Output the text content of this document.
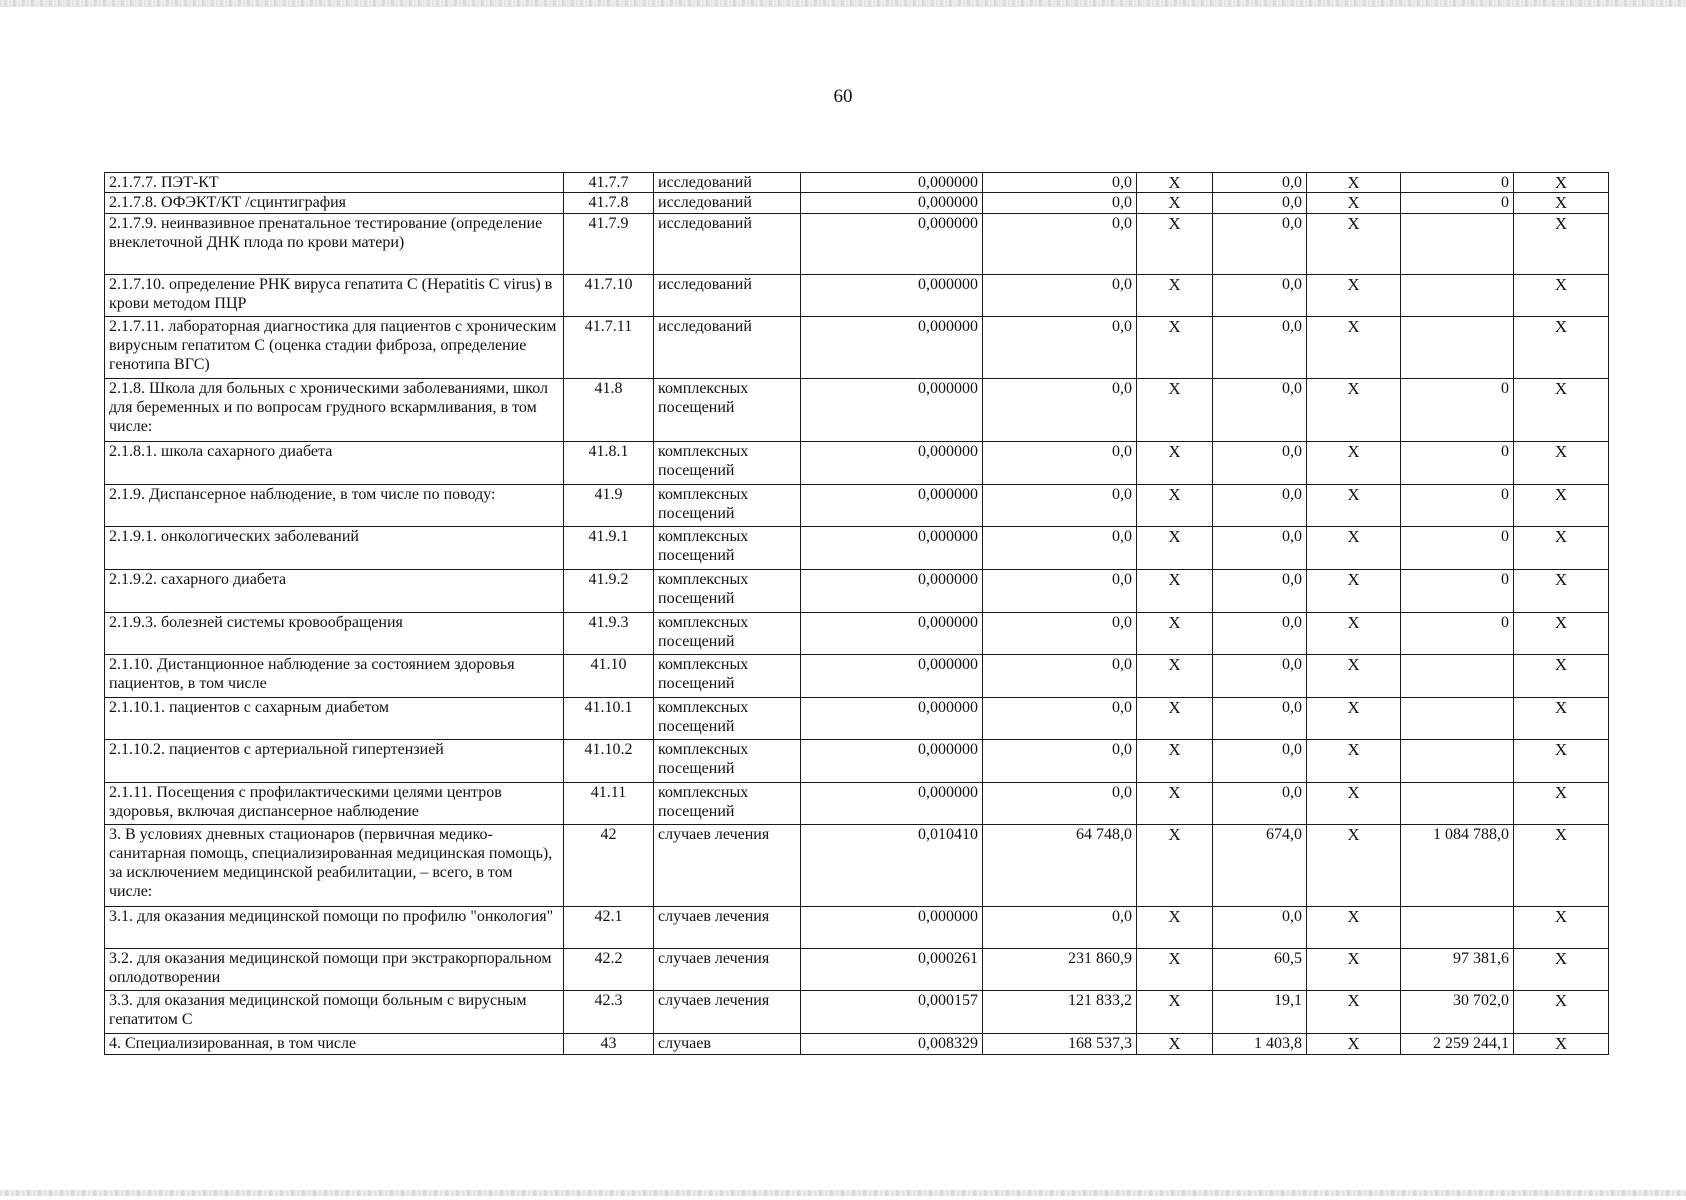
60
2.1.7.7. ПЭТ-КТ	41.7.7	исследований	0,000000	0,0	X	0,0	X	0	X
2.1.7.8. ОФЭКТ/КТ /сцинтиграфия	41.7.8	исследований	0,000000	0,0	X	0,0	X	0	X
2.1.7.9. неинвазивное пренатальное тестирование (определение внеклеточной ДНК плода по крови матери)	41.7.9	исследований	0,000000	0,0	X	0,0	X		X
2.1.7.10. определение РНК вируса гепатита С (Hepatitis C virus) в крови методом ПЦР	41.7.10	исследований	0,000000	0,0	X	0,0	X		X
2.1.7.11. лабораторная диагностика для пациентов с хроническим вирусным гепатитом С (оценка стадии фиброза, определение генотипа ВГС)	41.7.11	исследований	0,000000	0,0	X	0,0	X		X
2.1.8. Школа для больных с хроническими заболеваниями, школ для беременных и по вопросам грудного вскармливания, в том числе:	41.8	комплексных посещений	0,000000	0,0	X	0,0	X	0	X
2.1.8.1. школа сахарного диабета	41.8.1	комплексных посещений	0,000000	0,0	X	0,0	X	0	X
2.1.9. Диспансерное наблюдение, в том числе по поводу:	41.9	комплексных посещений	0,000000	0,0	X	0,0	X	0	X
2.1.9.1. онкологических заболеваний	41.9.1	комплексных посещений	0,000000	0,0	X	0,0	X	0	X
2.1.9.2. сахарного диабета	41.9.2	комплексных посещений	0,000000	0,0	X	0,0	X	0	X
2.1.9.3. болезней системы кровообращения	41.9.3	комплексных посещений	0,000000	0,0	X	0,0	X	0	X
2.1.10. Дистанционное наблюдение за состоянием здоровья пациентов, в том числе	41.10	комплексных посещений	0,000000	0,0	X	0,0	X		X
2.1.10.1. пациентов с сахарным диабетом	41.10.1	комплексных посещений	0,000000	0,0	X	0,0	X		X
2.1.10.2. пациентов с артериальной гипертензией	41.10.2	комплексных посещений	0,000000	0,0	X	0,0	X		X
2.1.11. Посещения с профилактическими целями центров здоровья, включая диспансерное наблюдение	41.11	комплексных посещений	0,000000	0,0	X	0,0	X		X
3. В условиях дневных стационаров (первичная медико-санитарная помощь, специализированная медицинская помощь), за исключением медицинской реабилитации, – всего, в том числе:	42	случаев лечения	0,010410	64 748,0	X	674,0	X	1 084 788,0	X
3.1. для оказания медицинской помощи по профилю "онкология"	42.1	случаев лечения	0,000000	0,0	X	0,0	X		X
3.2. для оказания медицинской помощи при экстракорпоральном оплодотворении	42.2	случаев лечения	0,000261	231 860,9	X	60,5	X	97 381,6	X
3.3. для оказания медицинской помощи больным с вирусным гепатитом С	42.3	случаев лечения	0,000157	121 833,2	X	19,1	X	30 702,0	X
4. Специализированная, в том числе	43	случаев	0,008329	168 537,3	X	1 403,8	X	2 259 244,1	X
